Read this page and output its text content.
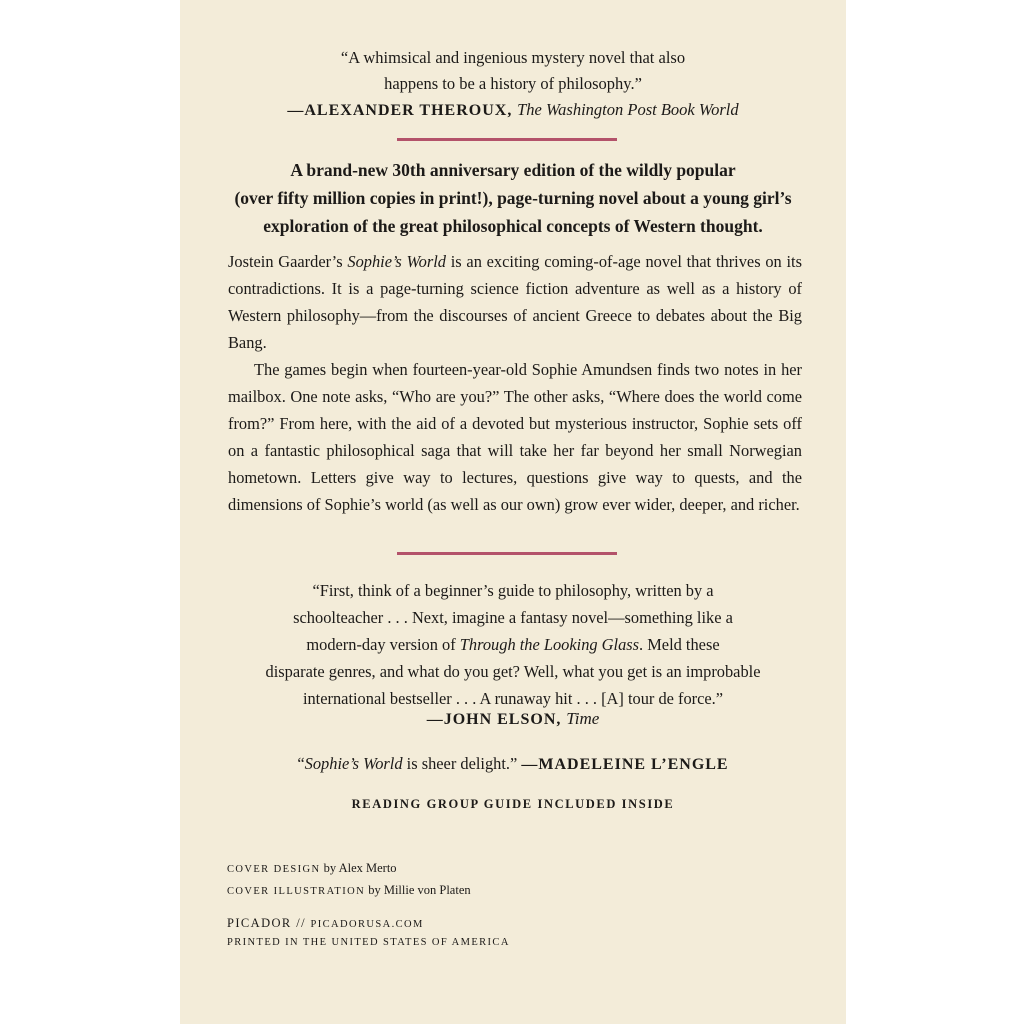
“A whimsical and ingenious mystery novel that also
happens to be a history of philosophy.”
—ALEXANDER THEROUX, The Washington Post Book World
A brand-new 30th anniversary edition of the wildly popular
(over fifty million copies in print!), page-turning novel about a young girl’s
exploration of the great philosophical concepts of Western thought.

Jostein Gaarder’s Sophie’s World is an exciting coming-of-age novel that thrives on its contradictions. It is a page-turning science fiction adventure as well as a history of Western philosophy—from the discourses of ancient Greece to debates about the Big Bang.

The games begin when fourteen-year-old Sophie Amundsen finds two notes in her mailbox. One note asks, “Who are you?” The other asks, “Where does the world come from?” From here, with the aid of a devoted but mysterious instructor, Sophie sets off on a fantastic philosophical saga that will take her far beyond her small Norwegian hometown. Letters give way to lectures, questions give way to quests, and the dimensions of Sophie’s world (as well as our own) grow ever wider, deeper, and richer.

“First, think of a beginner’s guide to philosophy, written by a
schoolteacher . . . Next, imagine a fantasy novel—something like a
modern-day version of Through the Looking Glass. Meld these
disparate genres, and what do you get? Well, what you get is an improbable
international bestseller . . . A runaway hit . . . [A] tour de force.”
—JOHN ELSON, Time
“Sophie’s World is sheer delight.” —MADELEINE L’ENGLE
READING GROUP GUIDE INCLUDED INSIDE
COVER DESIGN by Alex Merto
COVER ILLUSTRATION by Millie von Platen
PICADOR // PICADORUSA.COM
PRINTED IN THE UNITED STATES OF AMERICA
